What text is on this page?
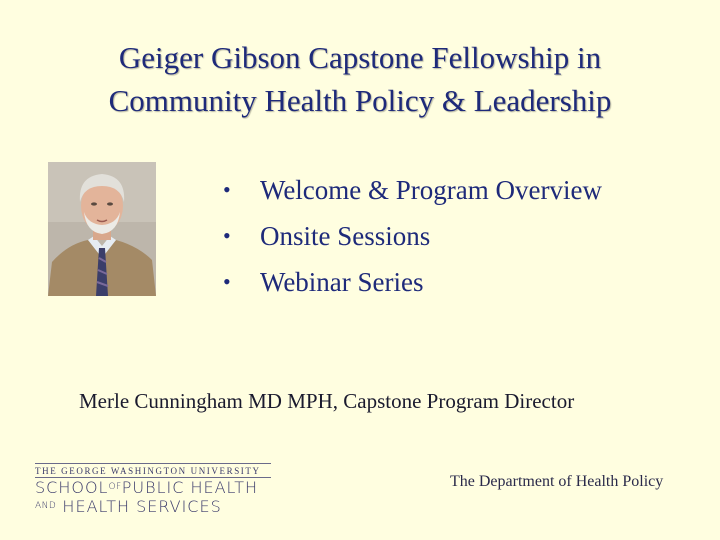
Geiger Gibson Capstone Fellowship in
Community Health Policy & Leadership
• Welcome & Program Overview
• Onsite Sessions
• Webinar Series
Merle Cunningham MD MPH, Capstone Program Director
THE GEORGE WASHINGTON UNIVERSITY
$SCHOOL^{OF}PUBLIC$ HEALTH
$^{AND}$ HEALTH SERVICES
The Department of Health Policy
